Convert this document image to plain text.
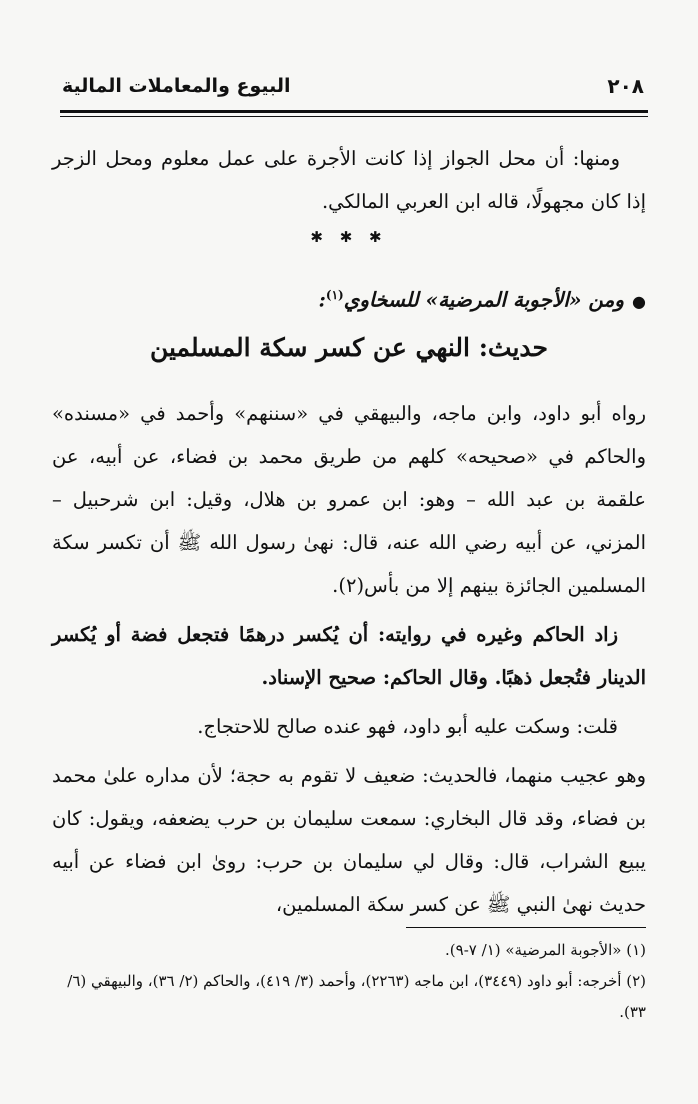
٢٠٨
البيوع والمعاملات المالية

ومنها: أن محل الجواز إذا كانت الأجرة على عمل معلوم ومحل الزجر إذا كان مجهولًا، قاله ابن العربي المالكي.

✱ ✱ ✱
●ومن «الأجوبة المرضية» للسخاوي$^{(١)}$:
حديث: النهي عن كسر سكة المسلمين

رواه أبو داود، وابن ماجه، والبيهقي في «سننهم» وأحمد في «مسنده» والحاكم في «صحيحه» كلهم من طريق محمد بن فضاء، عن أبيه، عن علقمة بن عبد الله – وهو: ابن عمرو بن هلال، وقيل: ابن شرحبيل – المزني، عن أبيه رضي الله عنه، قال: نهىٰ رسول الله ﷺ أن تكسر سكة المسلمين الجائزة بينهم إلا من بأس(٢).

زاد الحاكم وغيره في روايته: أن يُكسر درهمًا فتجعل فضة أو يُكسر الدينار فتُجعل ذهبًا. وقال الحاكم: صحيح الإسناد.

قلت: وسكت عليه أبو داود، فهو عنده صالح للاحتجاج.

وهو عجيب منهما، فالحديث: ضعيف لا تقوم به حجة؛ لأن مداره علىٰ محمد بن فضاء، وقد قال البخاري: سمعت سليمان بن حرب يضعفه، ويقول: كان يبيع الشراب، قال: وقال لي سليمان بن حرب: روىٰ ابن فضاء عن أبيه حديث نهىٰ النبي ﷺ عن كسر سكة المسلمين،

(١) «الأجوبة المرضية» (١/ ٧-٩).

(٢) أخرجه: أبو داود (٣٤٤٩)، ابن ماجه (٢٢٦٣)، وأحمد (٣/ ٤١٩)، والحاكم (٢/ ٣٦)، والبيهقي (٦/ ٣٣).
